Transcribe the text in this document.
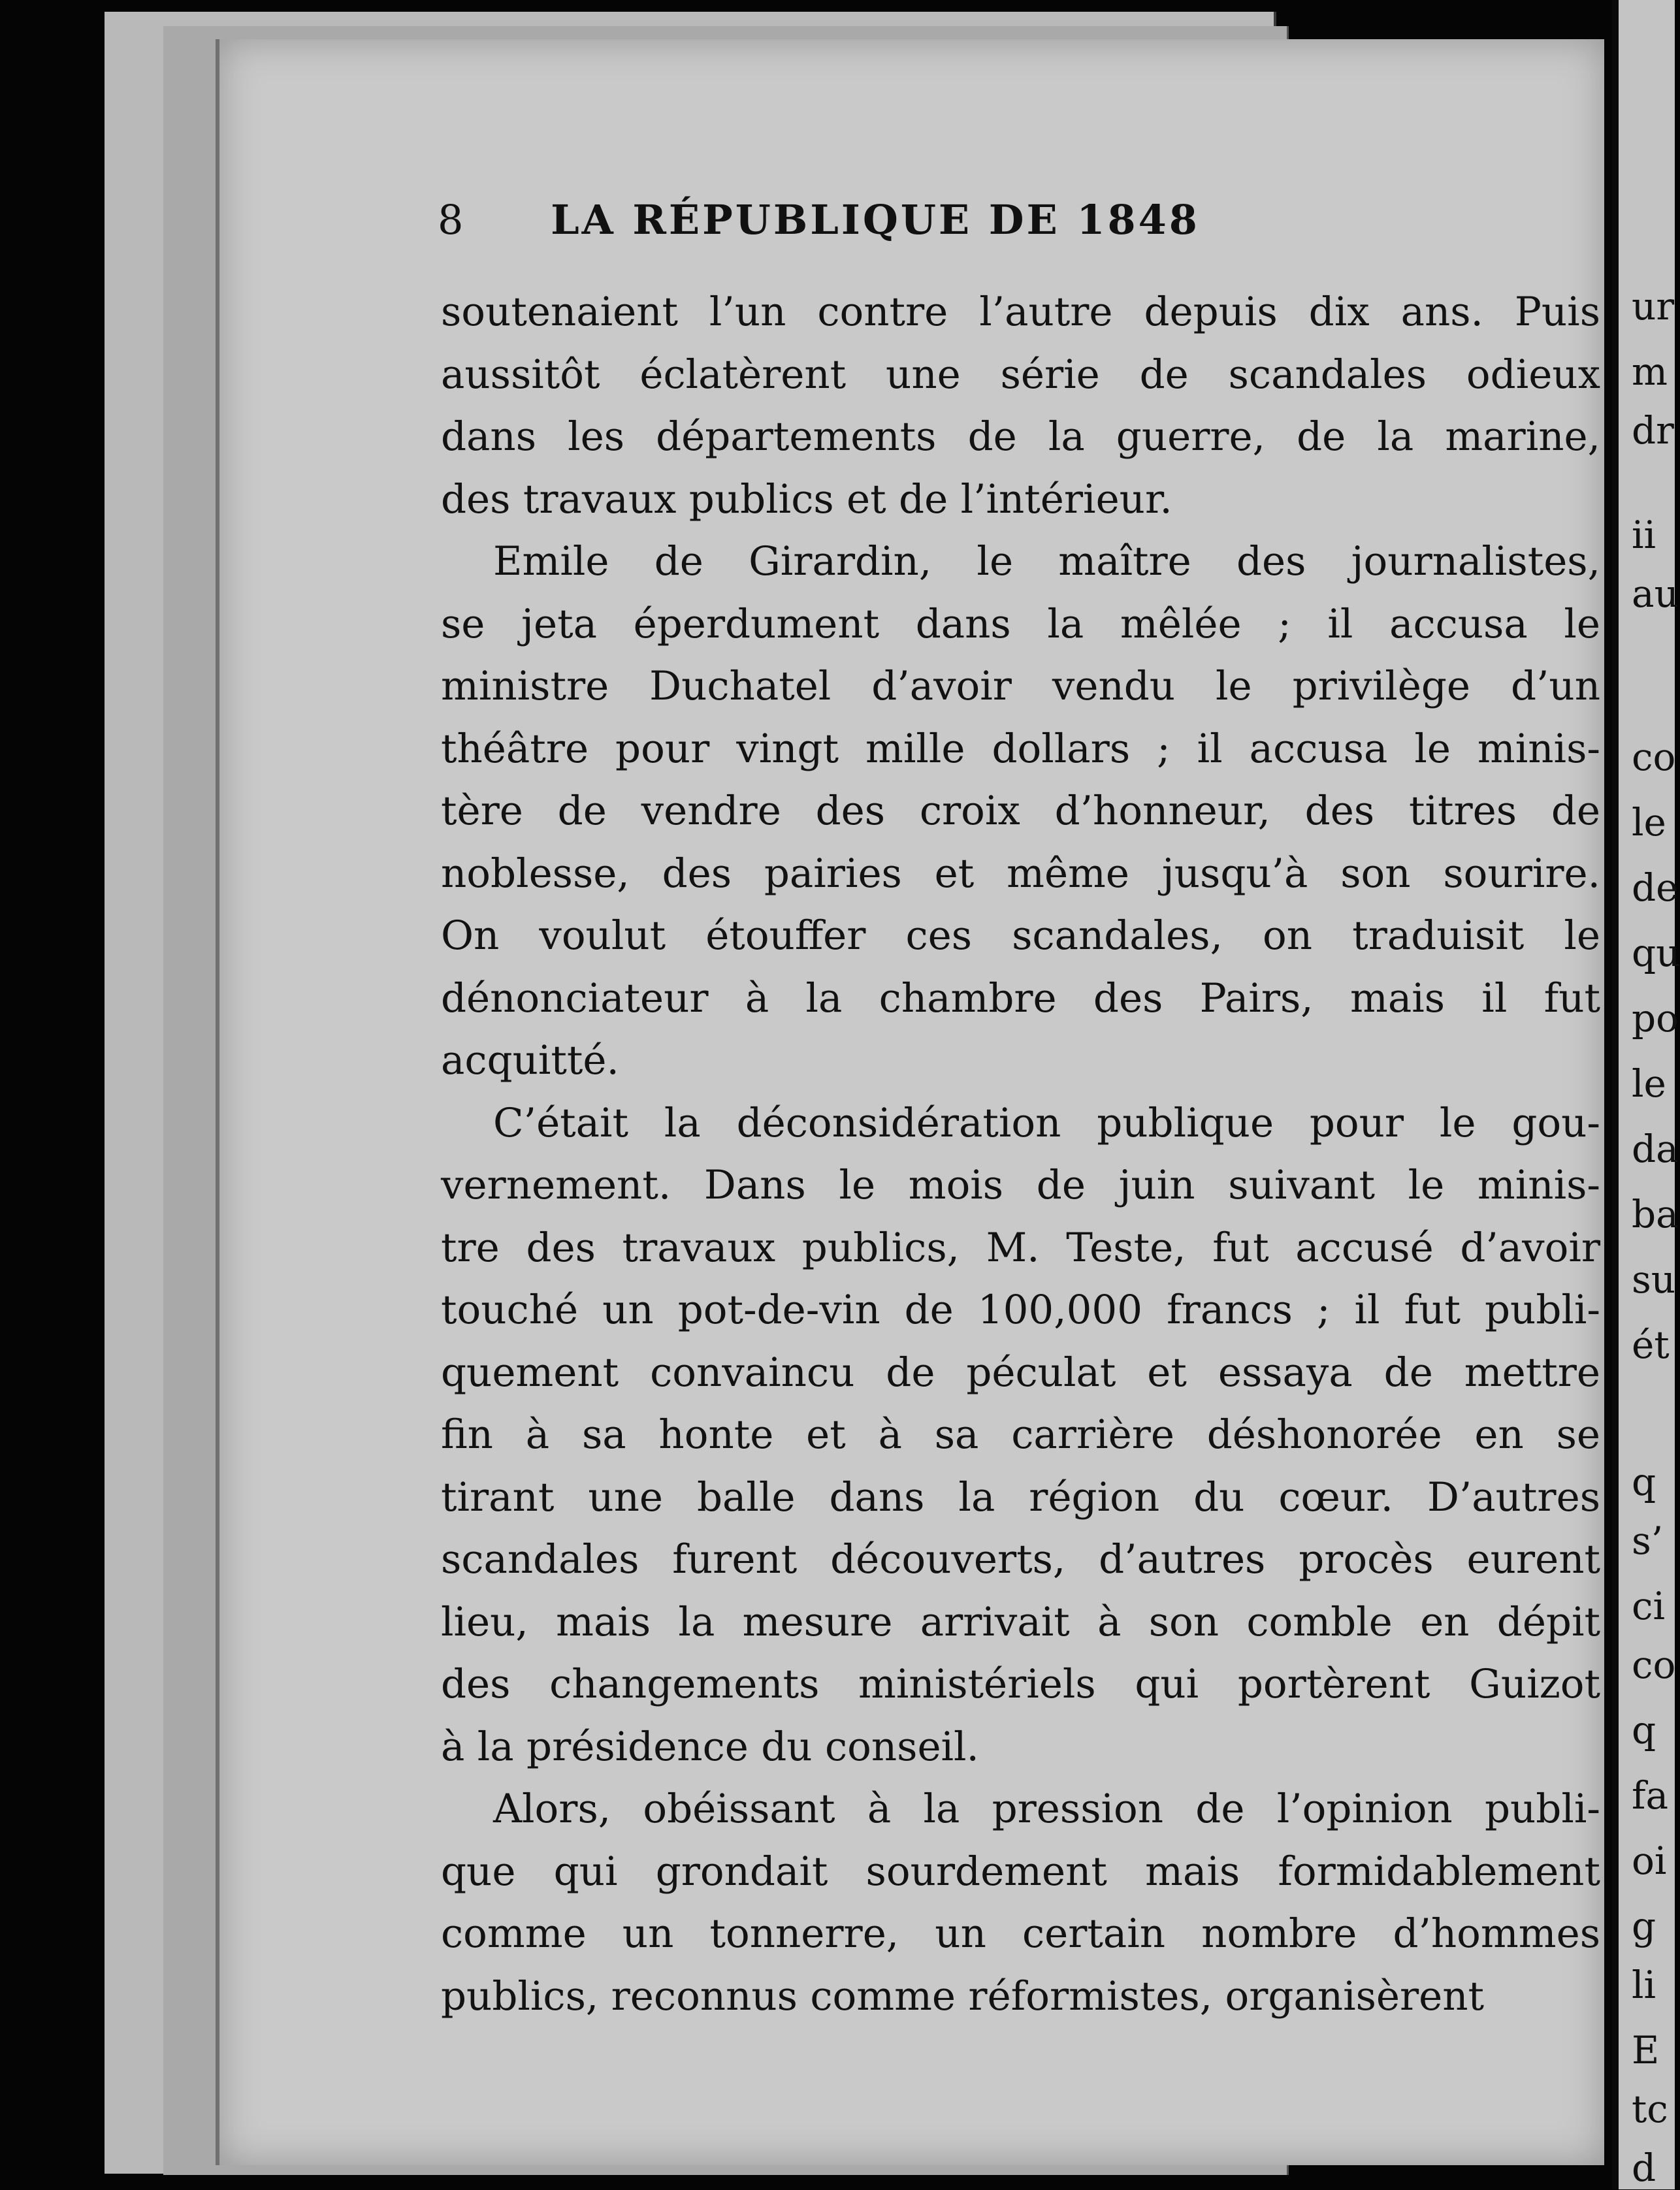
8	LA RÉPUBLIQUE DE 1848
soutenaient l’un contre l’autre depuis dix ans. Puis
aussitôt éclatèrent une série de scandales odieux
dans les départements de la guerre, de la marine,
des travaux publics et de l’intérieur.
Emile de Girardin, le maître des journalistes,
se jeta éperdument dans la mêlée ; il accusa le
ministre Duchatel d’avoir vendu le privilège d’un
théâtre pour vingt mille dollars ; il accusa le minis-
tère de vendre des croix d’honneur, des titres de
noblesse, des pairies et même jusqu’à son sourire.
On voulut étouffer ces scandales, on traduisit le
dénonciateur à la chambre des Pairs, mais il fut
acquitté.
C’était la déconsidération publique pour le gou-
vernement. Dans le mois de juin suivant le minis-
tre des travaux publics, M. Teste, fut accusé d’avoir
touché un pot-de-vin de 100,000 francs ; il fut publi-
quement convaincu de péculat et essaya de mettre
fin à sa honte et à sa carrière déshonorée en se
tirant une balle dans la région du cœur. D’autres
scandales furent découverts, d’autres procès eurent
lieu, mais la mesure arrivait à son comble en dépit
des changements ministériels qui portèrent Guizot
à la présidence du conseil.
Alors, obéissant à la pression de l’opinion publi-
que qui grondait sourdement mais formidablement
comme un tonnerre, un certain nombre d’hommes
publics, reconnus comme réformistes, organisèrent
ur
m
dr
ii
au
co
le
de
qu
po
le
da
ba
su
ét
q
s’
ci
co
q
fa
oi
g
li
E
tc
d
